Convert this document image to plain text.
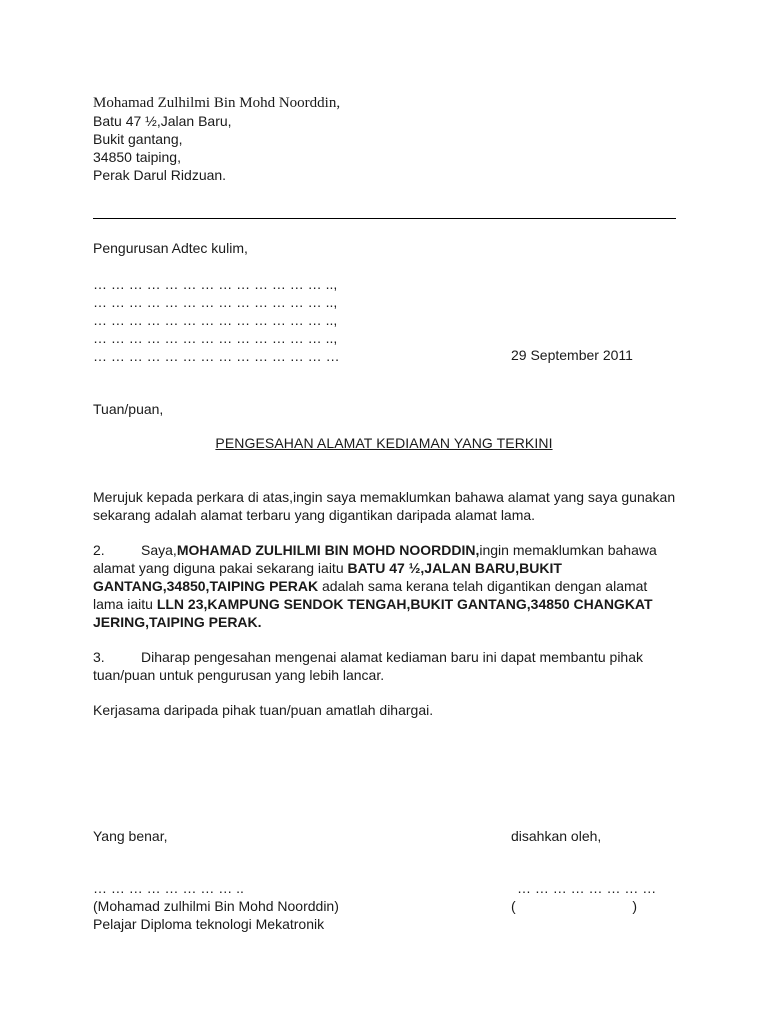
Mohamad Zulhilmi Bin Mohd Noorddin,
Batu 47 ½,Jalan Baru,
Bukit gantang,
34850 taiping,
Perak Darul Ridzuan.
Pengurusan Adtec kulim,
… … … … … … … … … … … … … ..,
… … … … … … … … … … … … … ..,
… … … … … … … … … … … … … ..,
… … … … … … … … … … … … … ..,
… … … … … … … … … … … … … …	29 September 2011
Tuan/puan,
PENGESAHAN ALAMAT KEDIAMAN YANG TERKINI
Merujuk kepada perkara di atas,ingin saya memaklumkan bahawa alamat yang saya gunakan sekarang adalah alamat terbaru yang digantikan daripada alamat lama.
2.	Saya,MOHAMAD ZULHILMI BIN MOHD NOORDDIN,ingin memaklumkan bahawa alamat yang diguna pakai sekarang iaitu BATU 47 ½,JALAN BARU,BUKIT GANTANG,34850,TAIPING PERAK adalah sama kerana telah digantikan dengan alamat lama iaitu LLN 23,KAMPUNG SENDOK TENGAH,BUKIT GANTANG,34850 CHANGKAT JERING,TAIPING PERAK.
3.	Diharap pengesahan mengenai alamat kediaman baru ini dapat membantu pihak tuan/puan untuk pengurusan yang lebih lancar.
Kerjasama daripada pihak tuan/puan amatlah dihargai.
Yang benar,	disahkan oleh,
… … … … … … … … ..	… … … … … … … …
(Mohamad zulhilmi Bin Mohd Noorddin)	(                              )
Pelajar Diploma teknologi Mekatronik
